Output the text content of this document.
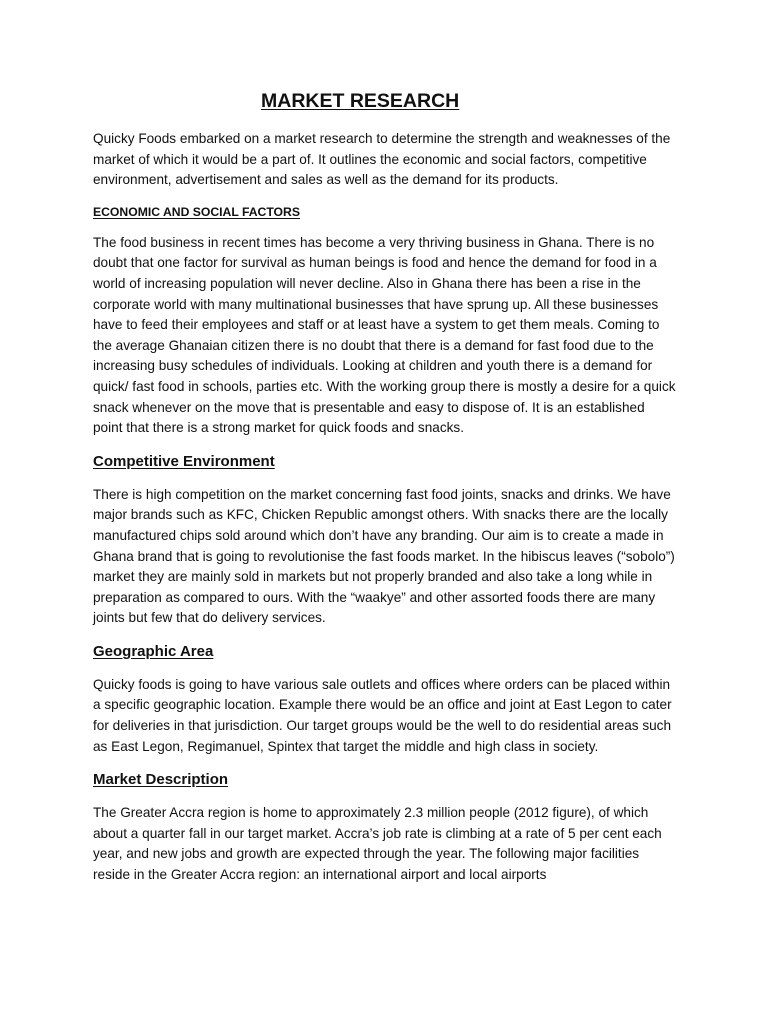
MARKET RESEARCH

Quicky Foods embarked on a market research to determine the strength and weaknesses of the market of which it would be a part of. It outlines the economic and social factors, competitive environment, advertisement and sales as well as the demand for its products.

ECONOMIC AND SOCIAL FACTORS

The food business in recent times has become a very thriving business in Ghana. There is no doubt that one factor for survival as human beings is food and hence the demand for food in a world of increasing population will never decline. Also in Ghana there has been a rise in the corporate world with many multinational businesses that have sprung up. All these businesses have to feed their employees and staff or at least have a system to get them meals. Coming to the average Ghanaian citizen there is no doubt that there is a demand for fast food due to the increasing busy schedules of individuals. Looking at children and youth there is a demand for quick/ fast food in schools, parties etc. With the working group there is mostly a desire for a quick snack whenever on the move that is presentable and easy to dispose of. It is an established point that there is a strong market for quick foods and snacks.

Competitive Environment

There is high competition on the market concerning fast food joints, snacks and drinks. We have major brands such as KFC, Chicken Republic amongst others. With snacks there are the locally manufactured chips sold around which don’t have any branding. Our aim is to create a made in Ghana brand that is going to revolutionise the fast foods market. In the hibiscus leaves (“sobolo”) market they are mainly sold in markets but not properly branded and also take a long while in preparation as compared to ours. With the “waakye” and other assorted foods there are many joints but few that do delivery services.

Geographic Area

Quicky foods is going to have various sale outlets and offices where orders can be placed within a specific geographic location. Example there would be an office and joint at East Legon to cater for deliveries in that jurisdiction. Our target groups would be the well to do residential areas such as East Legon, Regimanuel, Spintex that target the middle and high class in society.

Market Description

The Greater Accra region is home to approximately 2.3 million people (2012 figure), of which about a quarter fall in our target market. Accra’s job rate is climbing at a rate of 5 per cent each year, and new jobs and growth are expected through the year. The following major facilities reside in the Greater Accra region: an international airport and local airports
